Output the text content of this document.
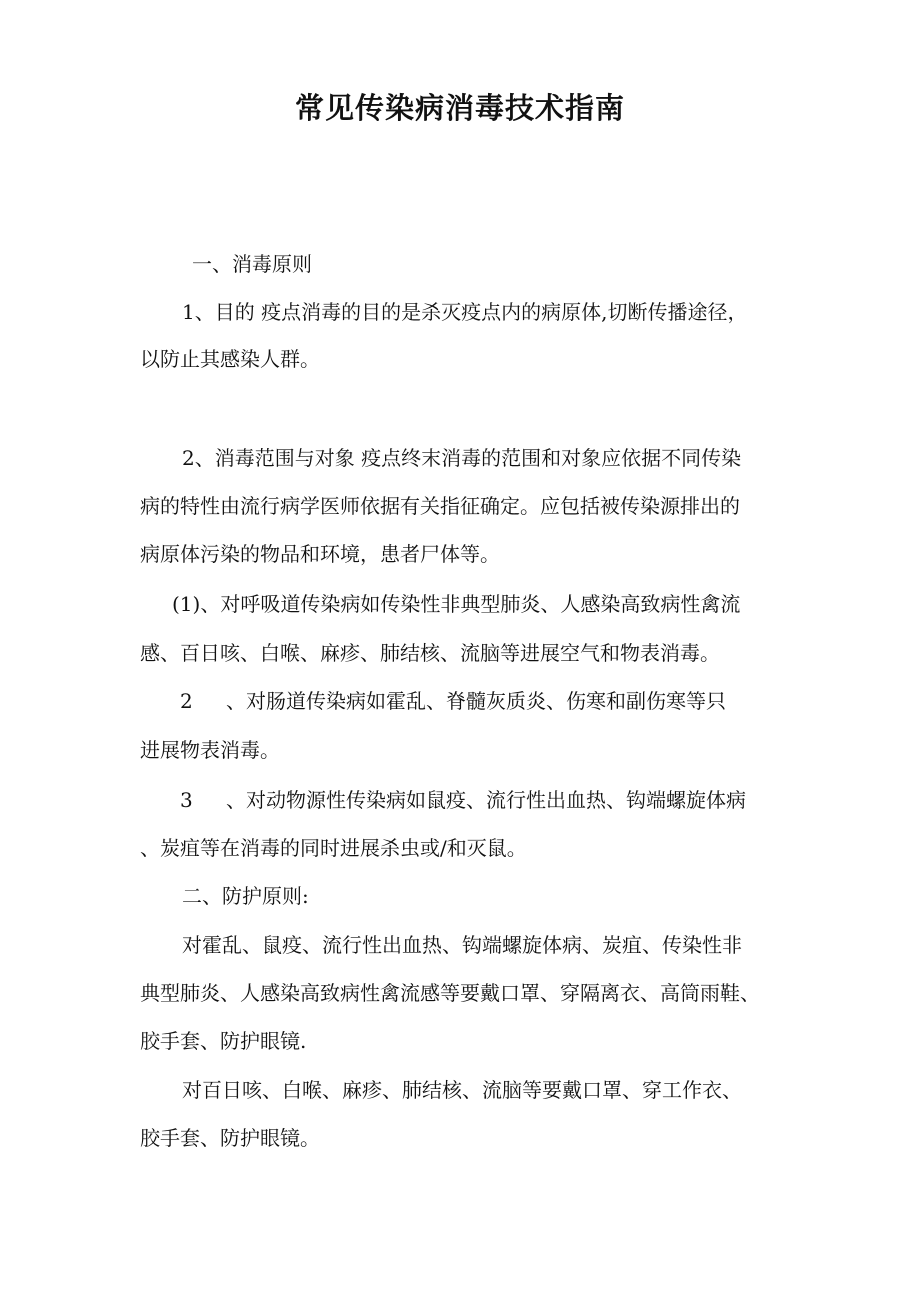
常见传染病消毒技术指南

一、消毒原则

1、目的 疫点消毒的目的是杀灭疫点内的病原体,切断传播途径，

以防止其感染人群。

2、消毒范围与对象 疫点终末消毒的范围和对象应依据不同传染

病的特性由流行病学医师依据有关指征确定。应包括被传染源排出的

病原体污染的物品和环境，患者尸体等。

(1)、对呼吸道传染病如传染性非典型肺炎、人感染高致病性禽流

感、百日咳、白喉、麻疹、肺结核、流脑等进展空气和物表消毒。

2 、对肠道传染病如霍乱、脊髓灰质炎、伤寒和副伤寒等只

进展物表消毒。

3 、对动物源性传染病如鼠疫、流行性出血热、钩端螺旋体病

、炭疽等在消毒的同时进展杀虫或/和灭鼠。

二、防护原则:

对霍乱、鼠疫、流行性出血热、钩端螺旋体病、炭疽、传染性非

典型肺炎、人感染高致病性禽流感等要戴口罩、穿隔离衣、高筒雨鞋、

胶手套、防护眼镜.

对百日咳、白喉、麻疹、肺结核、流脑等要戴口罩、穿工作衣、

胶手套、防护眼镜。
